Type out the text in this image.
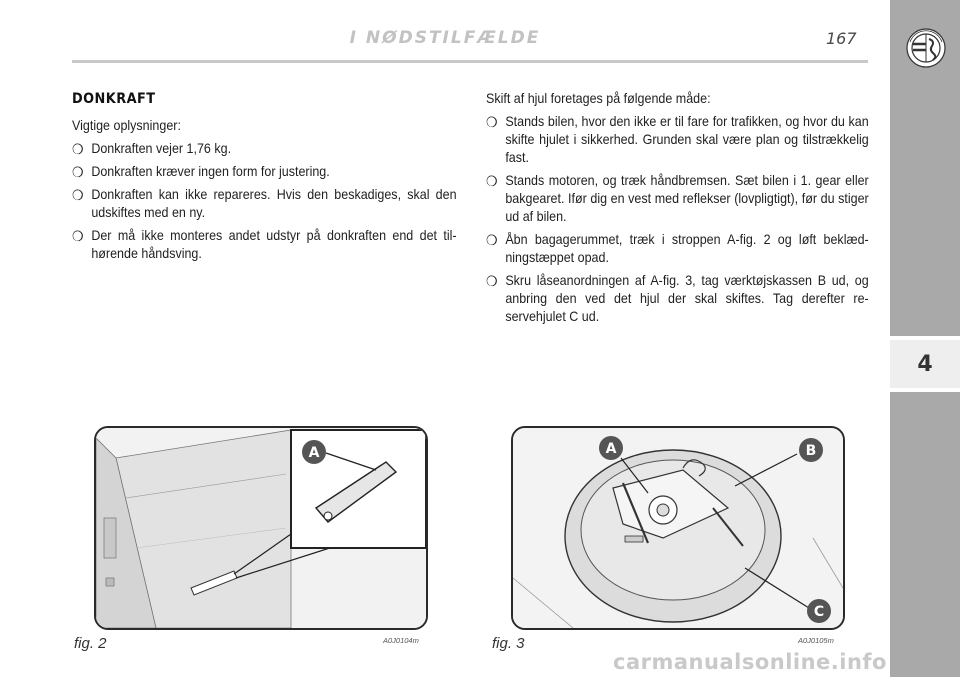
I NØDSTILFÆLDE	167
4
DONKRAFT
Vigtige oplysninger:
❍ Donkraften vejer 1,76 kg.
❍ Donkraften kræver ingen form for justering.
❍ Donkraften kan ikke repareres. Hvis den beskadiges, skal den udskiftes med en ny.
❍ Der må ikke monteres andet udstyr på donkraften end det til-hørende håndsving.
Skift af hjul foretages på følgende måde:
❍ Stands bilen, hvor den ikke er til fare for trafikken, og hvor du kan skifte hjulet i sikkerhed. Grunden skal være plan og tilstrækkelig fast.
❍ Stands motoren, og træk håndbremsen. Sæt bilen i 1. gear eller bakgearet. Ifør dig en vest med reflekser (lovpligtigt), før du stiger ud af bilen.
❍ Åbn bagagerummet, træk i stroppen A-fig. 2 og løft beklæd-ningstæppet opad.
❍ Skru låseanordningen af A-fig. 3, tag værktøjskassen B ud, og anbring den ved det hjul der skal skiftes. Tag derefter re-servehjulet C ud.
A
fig. 2	A0J0104m
A	B
C
fig. 3	A0J0105m
carmanualsonline.info
